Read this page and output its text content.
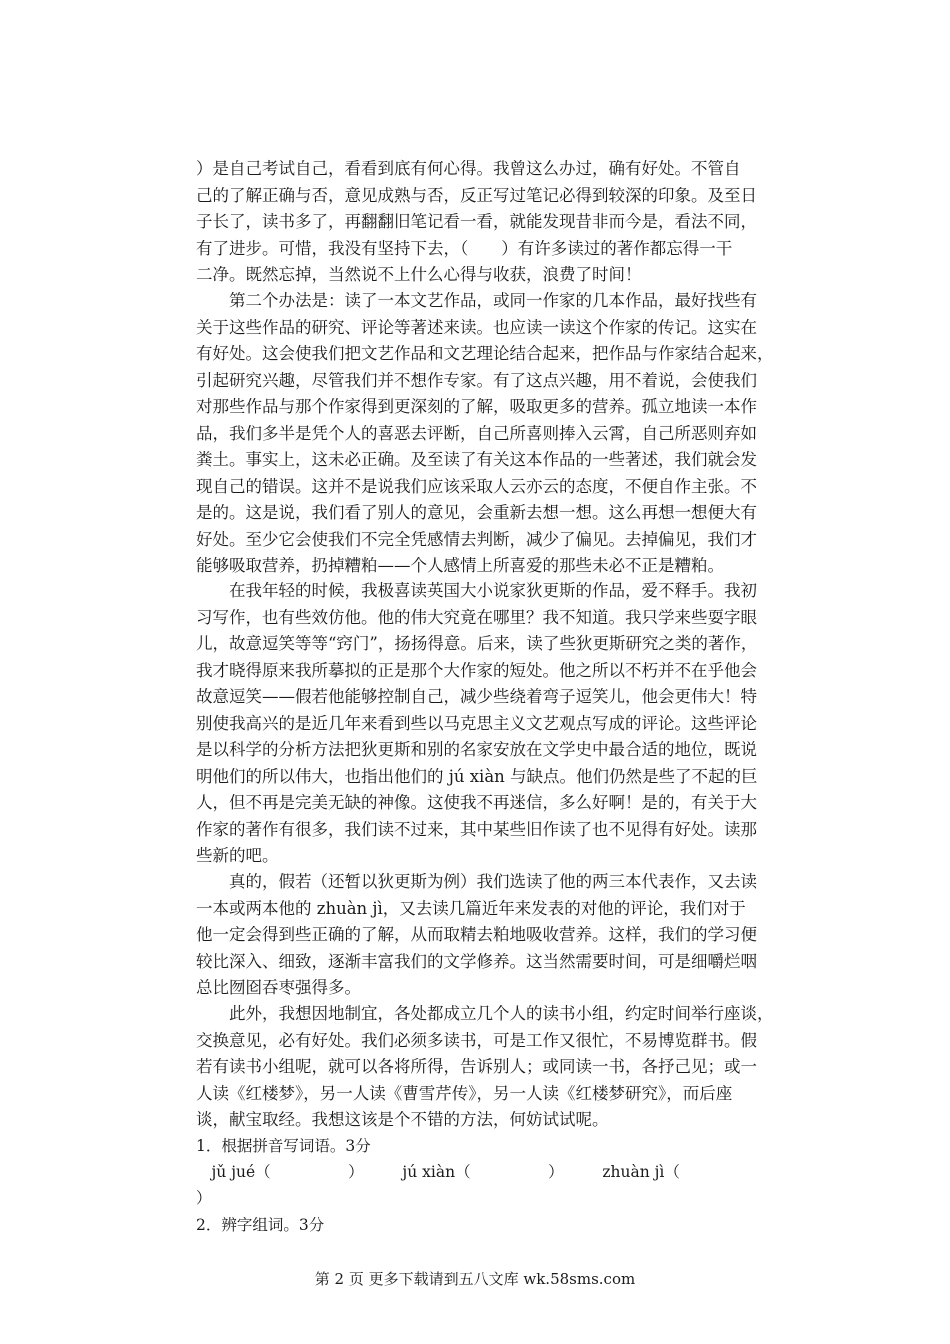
）是自己考试自己，看看到底有何心得。我曾这么办过，确有好处。不管自
己的了解正确与否，意见成熟与否，反正写过笔记必得到较深的印象。及至日
子长了，读书多了，再翻翻旧笔记看一看，就能发现昔非而今是，看法不同，
有了进步。可惜，我没有坚持下去，（　　）有许多读过的著作都忘得一干
二净。既然忘掉，当然说不上什么心得与收获，浪费了时间！
　　第二个办法是：读了一本文艺作品，或同一作家的几本作品，最好找些有
关于这些作品的研究、评论等著述来读。也应读一读这个作家的传记。这实在
有好处。这会使我们把文艺作品和文艺理论结合起来，把作品与作家结合起来，
引起研究兴趣，尽管我们并不想作专家。有了这点兴趣，用不着说，会使我们
对那些作品与那个作家得到更深刻的了解，吸取更多的营养。孤立地读一本作
品，我们多半是凭个人的喜恶去评断，自己所喜则捧入云霄，自己所恶则弃如
粪土。事实上，这未必正确。及至读了有关这本作品的一些著述，我们就会发
现自己的错误。这并不是说我们应该采取人云亦云的态度，不便自作主张。不
是的。这是说，我们看了别人的意见，会重新去想一想。这么再想一想便大有
好处。至少它会使我们不完全凭感情去判断，减少了偏见。去掉偏见，我们才
能够吸取营养，扔掉糟粕——个人感情上所喜爱的那些未必不正是糟粕。
　　在我年轻的时候，我极喜读英国大小说家狄更斯的作品，爱不释手。我初
习写作，也有些效仿他。他的伟大究竟在哪里？我不知道。我只学来些耍字眼
儿，故意逗笑等等“窍门”，扬扬得意。后来，读了些狄更斯研究之类的著作，
我才晓得原来我所摹拟的正是那个大作家的短处。他之所以不朽并不在乎他会
故意逗笑——假若他能够控制自己，减少些绕着弯子逗笑儿，他会更伟大！特
别使我高兴的是近几年来看到些以马克思主义文艺观点写成的评论。这些评论
是以科学的分析方法把狄更斯和别的名家安放在文学史中最合适的地位，既说
明他们的所以伟大，也指出他们的 jú xiàn 与缺点。他们仍然是些了不起的巨
人，但不再是完美无缺的神像。这使我不再迷信，多么好啊！是的，有关于大
作家的著作有很多，我们读不过来，其中某些旧作读了也不见得有好处。读那
些新的吧。
　　真的，假若（还暂以狄更斯为例）我们选读了他的两三本代表作，又去读
一本或两本他的 zhuàn jì，又去读几篇近年来发表的对他的评论，我们对于
他一定会得到些正确的了解，从而取精去粕地吸收营养。这样，我们的学习便
较比深入、细致，逐渐丰富我们的文学修养。这当然需要时间，可是细嚼烂咽
总比囫囵吞枣强得多。
　　此外，我想因地制宜，各处都成立几个人的读书小组，约定时间举行座谈，
交换意见，必有好处。我们必须多读书，可是工作又很忙，不易博览群书。假
若有读书小组呢，就可以各将所得，告诉别人；或同读一书，各抒己见；或一
人读《红楼梦》，另一人读《曹雪芹传》，另一人读《红楼梦研究》，而后座
谈，献宝取经。我想这该是个不错的方法，何妨试试呢。
1．根据拼音写词语。3分
　jǔ jué（　　　　　）　　　jú xiàn（　　　　　）　　　zhuàn jì（
）
2．辨字组词。3分
第 2 页 更多下载请到五八文库 wk.58sms.com
